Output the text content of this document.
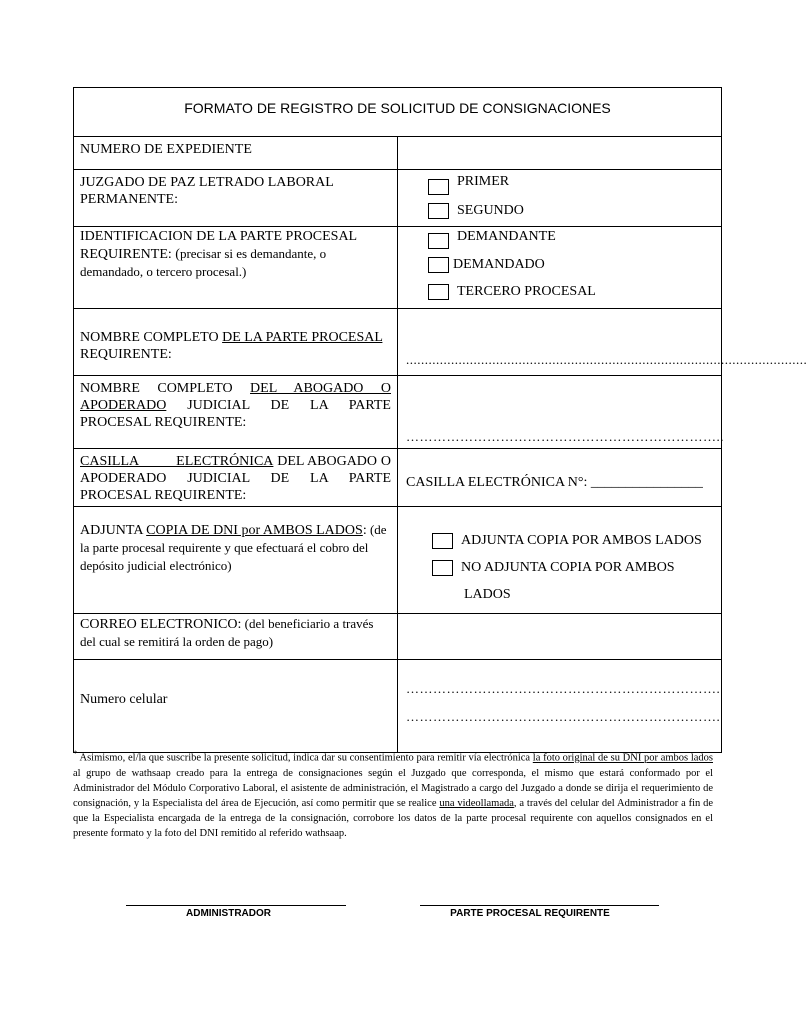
FORMATO DE REGISTRO DE SOLICITUD DE CONSIGNACIONES	
NUMERO DE EXPEDIENTE	
JUZGADO DE PAZ LETRADO LABORAL PERMANENTE:	PRIMER
SEGUNDO

IDENTIFICACION DE LA PARTE PROCESAL REQUIRENTE: (precisar si es demandante, o demandado, o tercero procesal.)	DEMANDANTE
DEMANDADO
TERCERO PROCESAL

NOMBRE COMPLETO DE LA PARTE PROCESAL REQUIRENTE:	...........................................................................................................

NOMBRE COMPLETO DEL ABOGADO O APODERADO JUDICIAL DE LA PARTE PROCESAL REQUIRENTE:	……………………………………………………………..

CASILLA ELECTRÓNICA DEL ABOGADO O APODERADO JUDICIAL DE LA PARTE PROCESAL REQUIRENTE:	CASILLA ELECTRÓNICA N°: ________________

ADJUNTA COPIA DE DNI por AMBOS LADOS: (de la parte procesal requirente y que efectuará el cobro del depósito judicial electrónico)	ADJUNTA COPIA POR AMBOS LADOS
NO ADJUNTA COPIA POR AMBOS
LADOS

CORREO ELECTRONICO: (del beneficiario a través del cual se remitirá la orden de pago)	
Numero celular	…………………………………………………………….
…………………………………………………………….
* Asimismo, el/la que suscribe la presente solicitud, indica dar su consentimiento para remitir vía electrónica la foto original de su DNI por ambos lados al grupo de wathsaap creado para la entrega de consignaciones según el Juzgado que corresponda, el mismo que estará conformado por el Administrador del Módulo Corporativo Laboral, el asistente de administración, el Magistrado a cargo del Juzgado a donde se dirija el requerimiento de consignación, y la Especialista del área de Ejecución, así como permitir que se realice una videollamada, a través del celular del Administrador a fin de que la Especialista encargada de la entrega de la consignación, corrobore los datos de la parte procesal requirente con aquellos consignados en el presente formato y la foto del DNI remitido al referido wathsaap.
ADMINISTRADOR	PARTE PROCESAL REQUIRENTE
